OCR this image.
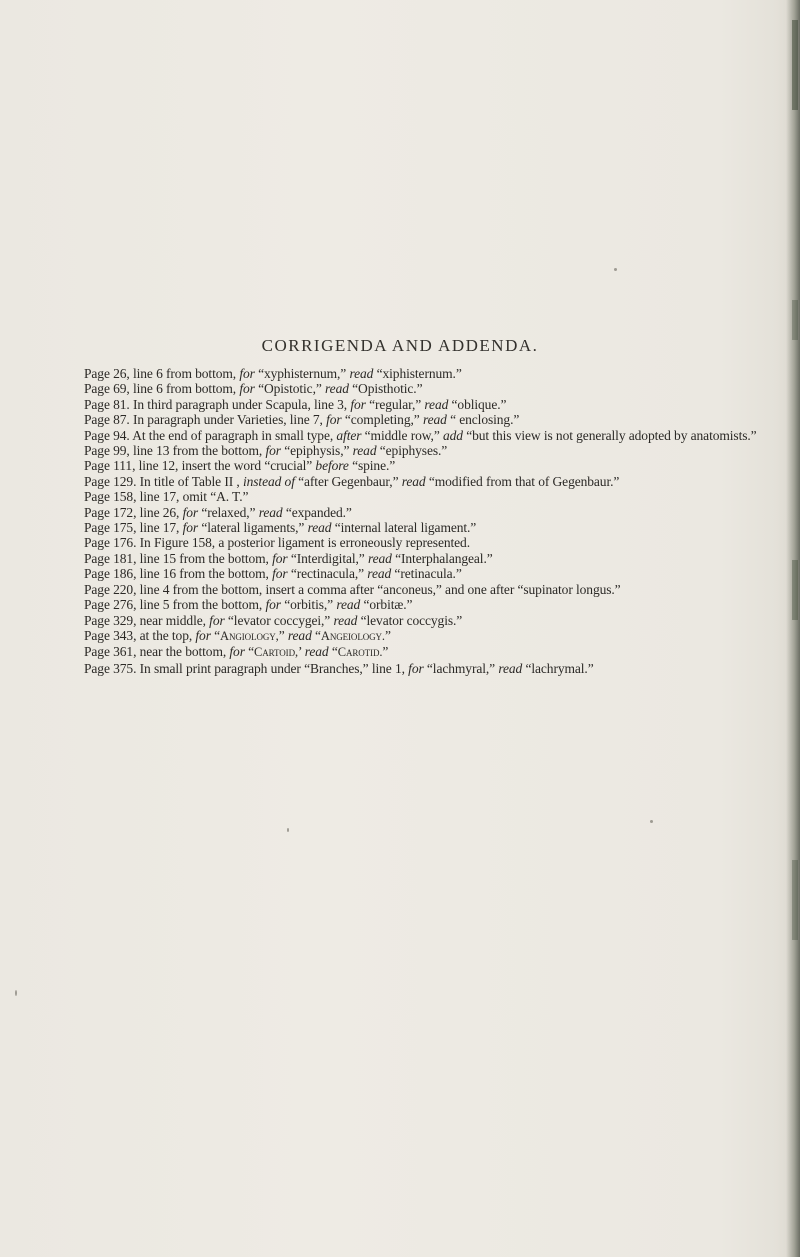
CORRIGENDA AND ADDENDA.

Page 26, line 6 from bottom, for “xyphisternum,” read “xiphisternum.”

Page 69, line 6 from bottom, for “Opistotic,” read “Opisthotic.”

Page 81. In third paragraph under Scapula, line 3, for “regular,” read “oblique.”

Page 87. In paragraph under Varieties, line 7, for “completing,” read “ enclosing.”

Page 94. At the end of paragraph in small type, after “middle row,” add “but this view is not generally adopted by anatomists.”

Page 99, line 13 from the bottom, for “epiphysis,” read “epiphyses.”

Page 111, line 12, insert the word “crucial” before “spine.”

Page 129. In title of Table II , instead of “after Gegenbaur,” read “modified from that of Gegenbaur.”

Page 158, line 17, omit “A. T.”

Page 172, line 26, for “relaxed,” read “expanded.”

Page 175, line 17, for “lateral ligaments,” read “internal lateral ligament.”

Page 176. In Figure 158, a posterior ligament is erroneously represented.

Page 181, line 15 from the bottom, for “Interdigital,” read “Interphalangeal.”

Page 186, line 16 from the bottom, for “rectinacula,” read “retinacula.”

Page 220, line 4 from the bottom, insert a comma after “anconeus,” and one after “supinator longus.”

Page 276, line 5 from the bottom, for “orbitis,” read “orbitæ.”

Page 329, near middle, for “levator coccygei,” read “levator coccygis.”

Page 343, at the top, for “Angiology,” read “Angeiology.”

Page 361, near the bottom, for “Cartoid,’ read “Carotid.”

Page 375. In small print paragraph under “Branches,” line 1, for “lachmyral,” read “lachrymal.”
